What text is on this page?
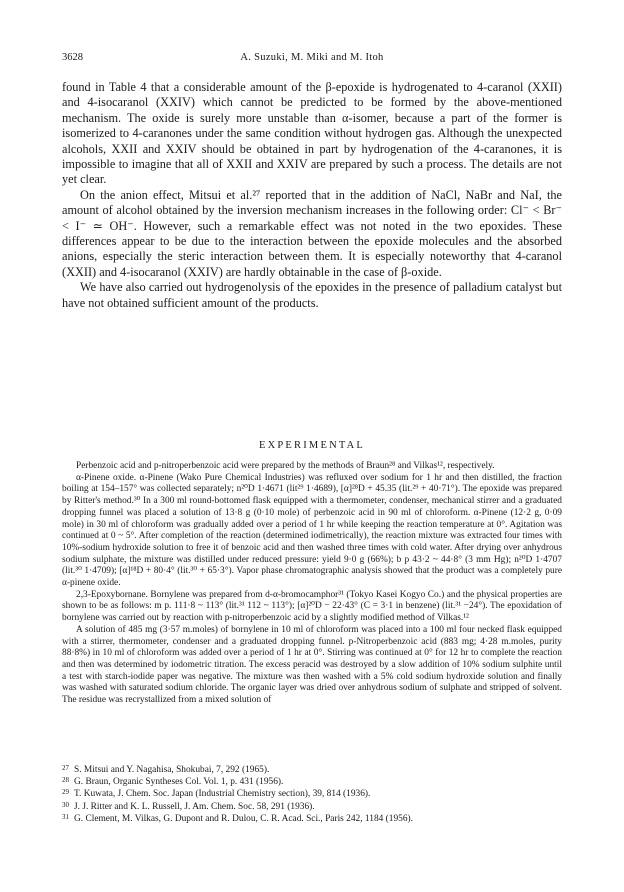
3628	A. Suzuki, M. Miki and M. Itoh

found in Table 4 that a considerable amount of the β-epoxide is hydrogenated to 4-caranol (XXII) and 4-isocaranol (XXIV) which cannot be predicted to be formed by the above-mentioned mechanism. The oxide is surely more unstable than α-isomer, because a part of the former is isomerized to 4-caranones under the same condition without hydrogen gas. Although the unexpected alcohols, XXII and XXIV should be obtained in part by hydrogenation of the 4-caranones, it is impossible to imagine that all of XXII and XXIV are prepared by such a process. The details are not yet clear.

On the anion effect, Mitsui et al.²⁷ reported that in the addition of NaCl, NaBr and NaI, the amount of alcohol obtained by the inversion mechanism increases in the following order: Cl⁻ < Br⁻ < I⁻ ≃ OH⁻. However, such a remarkable effect was not noted in the two epoxides. These differences appear to be due to the interaction between the epoxide molecules and the absorbed anions, especially the steric interaction between them. It is especially noteworthy that 4-caranol (XXII) and 4-isocaranol (XXIV) are hardly obtainable in the case of β-oxide.

We have also carried out hydrogenolysis of the epoxides in the presence of palladium catalyst but have not obtained sufficient amount of the products.

EXPERIMENTAL

Perbenzoic acid and p-nitroperbenzoic acid were prepared by the methods of Braun²⁸ and Vilkas¹², respectively.

α-Pinene oxide. α-Pinene (Wako Pure Chemical Industries) was refluxed over sodium for 1 hr and then distilled, the fraction boiling at 154–157° was collected separately; n²⁰D 1·4671 (lit²⁹ 1·4689), [α]²⁸D + 45.35 (lit.²⁹ + 40·71°). The epoxide was prepared by Ritter's method.³⁰ In a 300 ml round-bottomed flask equipped with a thermometer, condenser, mechanical stirrer and a graduated dropping funnel was placed a solution of 13·8 g (0·10 mole) of perbenzoic acid in 90 ml of chloroform. α-Pinene (12·2 g, 0·09 mole) in 30 ml of chloroform was gradually added over a period of 1 hr while keeping the reaction temperature at 0°. Agitation was continued at 0 ~ 5°. After completion of the reaction (determined iodimetrically), the reaction mixture was extracted four times with 10%-sodium hydroxide solution to free it of benzoic acid and then washed three times with cold water. After drying over anhydrous sodium sulphate, the mixture was distilled under reduced pressure: yield 9·0 g (66%); b p 43·2 ~ 44·8° (3 mm Hg); n²⁰D 1·4707 (lit.³⁰ 1·4709); [α]¹⁸D + 80·4° (lit.³⁰ + 65·3°). Vapor phase chromatographic analysis showed that the product was a completely pure α-pinene oxide.

2,3-Epoxybornane. Bornylene was prepared from d-α-bromocamphor³¹ (Tokyo Kasei Kogyo Co.) and the physical properties are shown to be as follows: m p. 111·8 ~ 113° (lit.³¹ 112 ~ 113°); [α]²⁰D − 22·43° (C = 3·1 in benzene) (lit.³¹ −24°). The epoxidation of bornylene was carried out by reaction with p-nitroperbenzoic acid by a slightly modified method of Vilkas.¹²

A solution of 485 mg (3·57 m.moles) of bornylene in 10 ml of chloroform was placed into a 100 ml four necked flask equipped with a stirrer, thermometer, condenser and a graduated dropping funnel. p-Nitroperbenzoic acid (883 mg; 4·28 m.moles, purity 88·8%) in 10 ml of chloroform was added over a period of 1 hr at 0°. Stirring was continued at 0° for 12 hr to complete the reaction and then was determined by iodometric titration. The excess peracid was destroyed by a slow addition of 10% sodium sulphite until a test with starch-iodide paper was negative. The mixture was then washed with a 5% cold sodium hydroxide solution and finally was washed with saturated sodium chloride. The organic layer was dried over anhydrous sodium of sulphate and stripped of solvent. The residue was recrystallized from a mixed solution of

27 S. Mitsui and Y. Nagahisa, Shokubai, 7, 292 (1965).

28 G. Braun, Organic Syntheses Col. Vol. 1, p. 431 (1956).

29 T. Kuwata, J. Chem. Soc. Japan (Industrial Chemistry section), 39, 814 (1936).

30 J. J. Ritter and K. L. Russell, J. Am. Chem. Soc. 58, 291 (1936).

31 G. Clement, M. Vilkas, G. Dupont and R. Dulou, C. R. Acad. Sci., Paris 242, 1184 (1956).
